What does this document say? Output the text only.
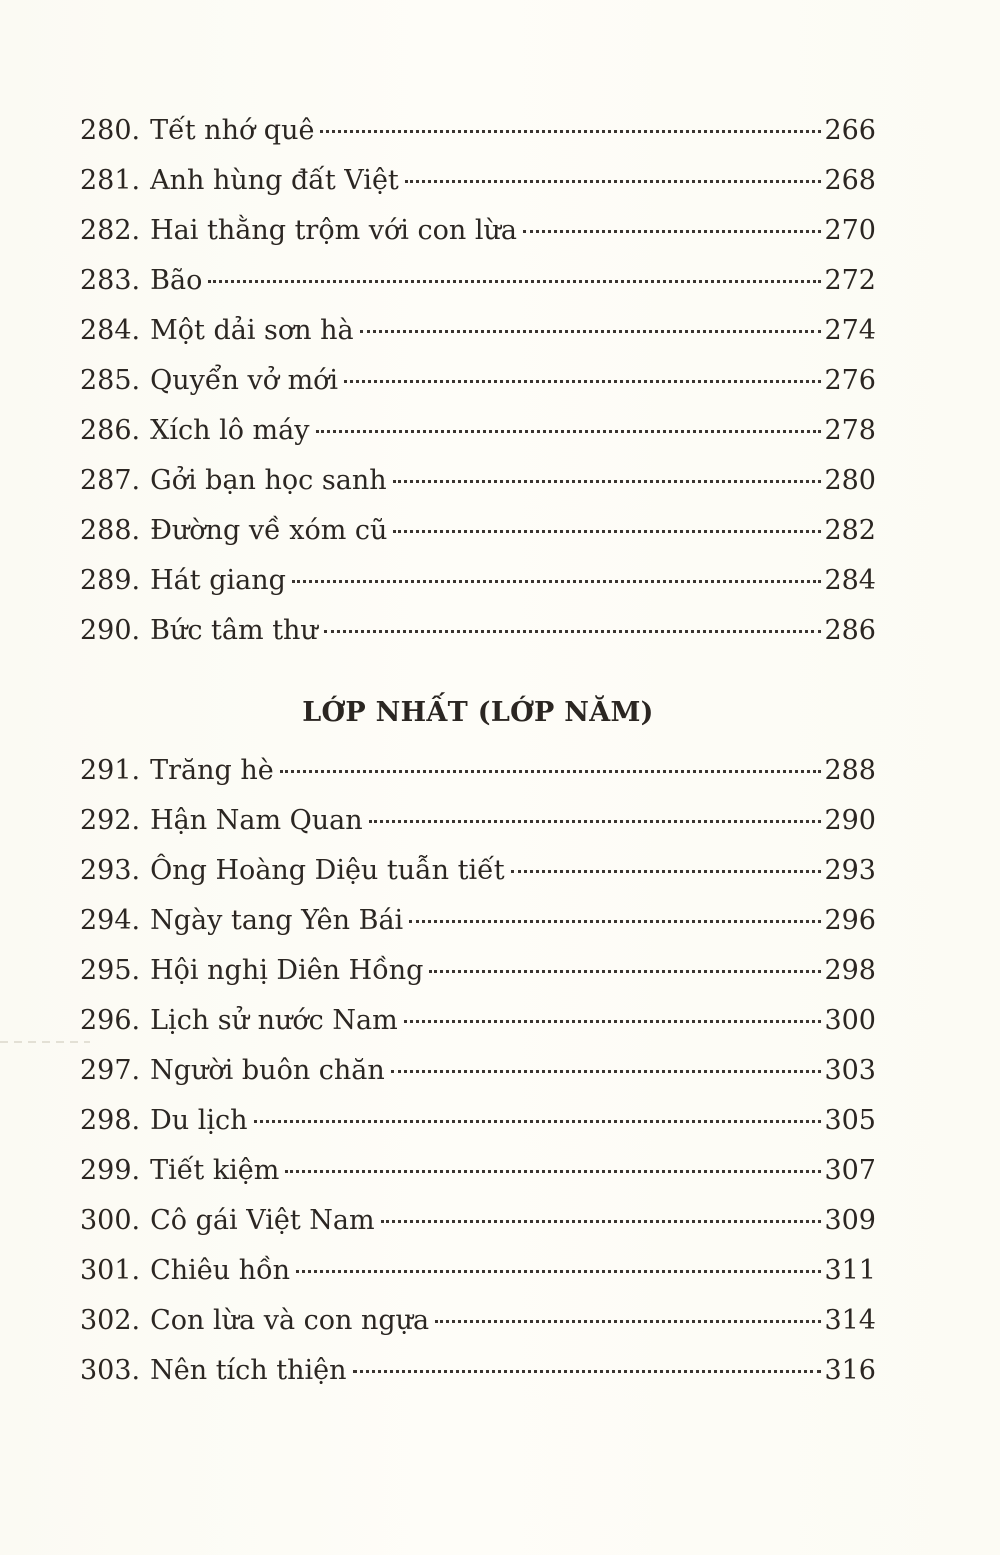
280. Tết nhớ quê	266
281. Anh hùng đất Việt	268
282. Hai thằng trộm với con lừa	270
283. Bão	272
284. Một dải sơn hà	274
285. Quyển vở mới	276
286. Xích lô máy	278
287. Gởi bạn học sanh	280
288. Đường về xóm cũ	282
289. Hát giang	284
290. Bức tâm thư	286
LỚP NHẤT (LỚP NĂM)
291. Trăng hè	288
292. Hận Nam Quan	290
293. Ông Hoàng Diệu tuẫn tiết	293
294. Ngày tang Yên Bái	296
295. Hội nghị Diên Hồng	298
296. Lịch sử nước Nam	300
297. Người buôn chăn	303
298. Du lịch	305
299. Tiết kiệm	307
300. Cô gái Việt Nam	309
301. Chiêu hồn	311
302. Con lừa và con ngựa	314
303. Nên tích thiện	316
